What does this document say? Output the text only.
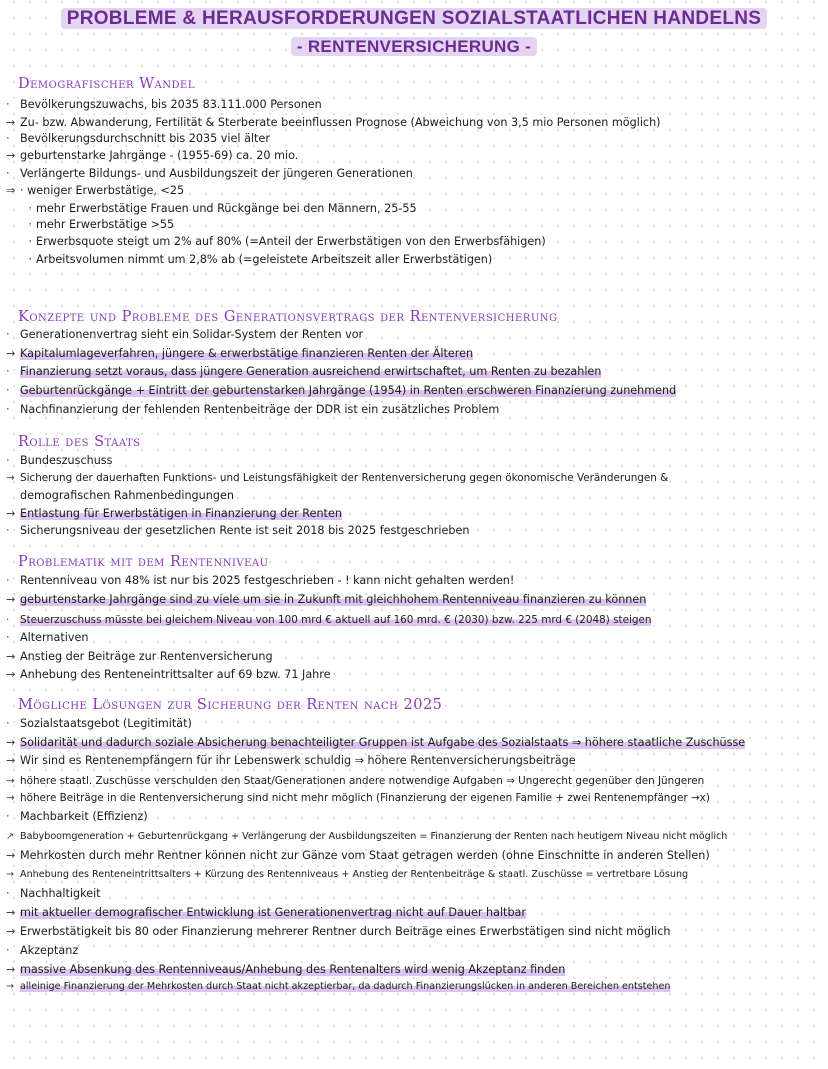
PROBLEME & HERAUSFORDERUNGEN SOZIALSTAATLICHEN HANDELNS
- RENTENVERSICHERUNG -
Demografischer Wandel
· Bevölkerungszuwachs, bis 2035 83.111.000 Personen
→ Zu- bzw. Abwanderung, Fertilität & Sterberate beeinflussen Prognose (Abweichung von 3,5 mio Personen möglich)
· Bevölkerungsdurchschnitt bis 2035 viel älter
→ geburtenstarke Jahrgänge - (1955-69) ca. 20 mio.
· Verlängerte Bildungs- und Ausbildungszeit der jüngeren Generationen
⇒ · weniger Erwerbstätige, <25
· mehr Erwerbstätige Frauen und Rückgänge bei den Männern, 25-55
· mehr Erwerbstätige >55
· Erwerbsquote steigt um 2% auf 80% (=Anteil der Erwerbstätigen von den Erwerbsfähigen)
· Arbeitsvolumen nimmt um 2,8% ab (=geleistete Arbeitszeit aller Erwerbstätigen)
Konzepte und Probleme des Generationsvertrags der Rentenversicherung
· Generationenvertrag sieht ein Solidar-System der Renten vor
→ Kapitalumlageverfahren, jüngere & erwerbstätige finanzieren Renten der Älteren
· Finanzierung setzt voraus, dass jüngere Generation ausreichend erwirtschaftet, um Renten zu bezahlen
· Geburtenrückgänge + Eintritt der geburtenstarken Jahrgänge (1954) in Renten erschweren Finanzierung zunehmend
· Nachfinanzierung der fehlenden Rentenbeiträge der DDR ist ein zusätzliches Problem
Rolle des Staats
· Bundeszuschuss
→ Sicherung der dauerhaften Funktions- und Leistungsfähigkeit der Rentenversicherung gegen ökonomische Veränderungen &
demografischen Rahmenbedingungen
→ Entlastung für Erwerbstätigen in Finanzierung der Renten
· Sicherungsniveau der gesetzlichen Rente ist seit 2018 bis 2025 festgeschrieben
Problematik mit dem Rentenniveau
· Rentenniveau von 48% ist nur bis 2025 festgeschrieben - ! kann nicht gehalten werden!
→ geburtenstarke Jahrgänge sind zu viele um sie in Zukunft mit gleichhohem Rentenniveau finanzieren zu können
· Steuerzuschuss müsste bei gleichem Niveau von 100 mrd € aktuell auf 160 mrd. € (2030) bzw. 225 mrd € (2048) steigen
· Alternativen
→ Anstieg der Beiträge zur Rentenversicherung
→ Anhebung des Renteneintrittsalter auf 69 bzw. 71 Jahre
Mögliche Lösungen zur Sicherung der Renten nach 2025
· Sozialstaatsgebot (Legitimität)
→ Solidarität und dadurch soziale Absicherung benachteiligter Gruppen ist Aufgabe des Sozialstaats ⇒ höhere staatliche Zuschüsse
→ Wir sind es Rentenempfängern für ihr Lebenswerk schuldig ⇒ höhere Rentenversicherungsbeiträge
→ höhere staatl. Zuschüsse verschulden den Staat/Generationen andere notwendige Aufgaben ⇒ Ungerecht gegenüber den Jüngeren
→ höhere Beiträge in die Rentenversicherung sind nicht mehr möglich (Finanzierung der eigenen Familie + zwei Rentenempfänger →x)
· Machbarkeit (Effizienz)
↗ Babyboomgeneration + Geburtenrückgang + Verlängerung der Ausbildungszeiten = Finanzierung der Renten nach heutigem Niveau nicht möglich
→ Mehrkosten durch mehr Rentner können nicht zur Gänze vom Staat getragen werden (ohne Einschnitte in anderen Stellen)
→ Anhebung des Renteneintrittsalters + Kürzung des Rentenniveaus + Anstieg der Rentenbeiträge & staatl. Zuschüsse = vertretbare Lösung
· Nachhaltigkeit
→ mit aktueller demografischer Entwicklung ist Generationenvertrag nicht auf Dauer haltbar
→ Erwerbstätigkeit bis 80 oder Finanzierung mehrerer Rentner durch Beiträge eines Erwerbstätigen sind nicht möglich
· Akzeptanz
→ massive Absenkung des Rentenniveaus/Anhebung des Rentenalters wird wenig Akzeptanz finden
→ alleinige Finanzierung der Mehrkosten durch Staat nicht akzeptierbar, da dadurch Finanzierungslücken in anderen Bereichen entstehen
